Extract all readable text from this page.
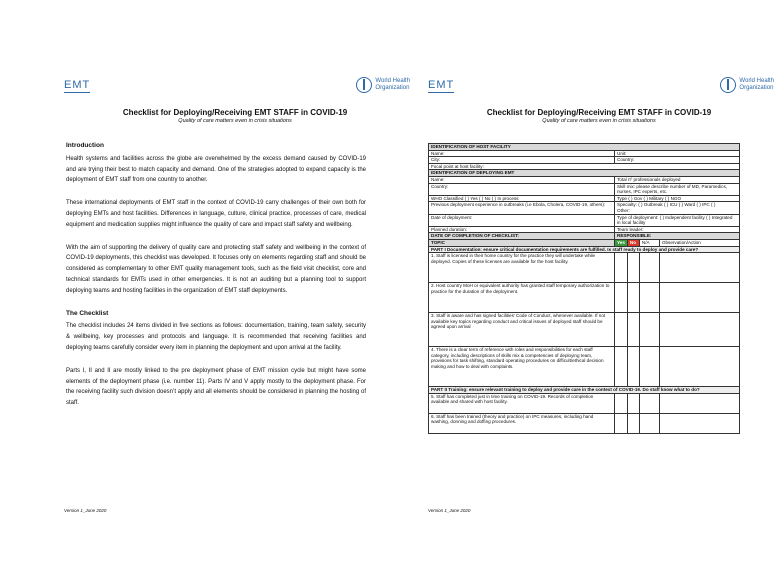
EMT	World Health
Organization
Checklist for Deploying/Receiving EMT STAFF in COVID-19
Quality of care matters even in crisis situations
Introduction

Health systems and facilities across the globe are overwhelmed by the excess demand caused by COVID-19 and are trying their best to match capacity and demand. One of the strategies adopted to expand capacity is the deployment of EMT staff from one country to another.

These international deployments of EMT staff in the context of COVID-19 carry challenges of their own both for deploying EMTs and host facilities. Differences in language, culture, clinical practice, processes of care, medical equipment and medication supplies might influence the quality of care and impact staff safety and wellbeing.

With the aim of supporting the delivery of quality care and protecting staff safety and wellbeing in the context of COVID-19 deployments, this checklist was developed. It focuses only on elements regarding staff and should be considered as complementary to other EMT quality management tools, such as the field visit checklist, core and technical standards for EMTs used in other emergencies. It is not an auditing but a planning tool to support deploying teams and hosting facilities in the organization of EMT staff deployments.

The Checklist

The checklist includes 24 items divided in five sections as follows: documentation, training, team safety, security & wellbeing, key processes and protocols and language. It is recommended that receiving facilities and deploying teams carefully consider every item in planning the deployment and upon arrival at the facility.

Parts I, II and II are mostly linked to the pre deployment phase of EMT mission cycle but might have some elements of the deployment phase (i.e. number 11). Parts IV and V apply mostly to the deployment phase. For the receiving facility such division doesn’t apply and all elements should be considered in planning the hosting of staff.

Version 1_June 2020
EMT	World Health
Organization
Checklist for Deploying/Receiving EMT STAFF in COVID-19
Quality of care matters even in crisis situations
IDENTIFICATION OF HOST FACILITY				
Name:	Unit:			
City:	Country:			
Focal point at host facility:				
IDENTIFICATION OF DEPLOYING EMT				
Name:	Total nº professionals deployed			
Country:	Skill mix: please describe number of MD, Paramedics, nurses, IPC experts, etc.			
WHO Classified ( ) Yes ( ) No ( ) In process	Type ( ) Gov ( ) Military ( ) NGO			
Previous deployment experience in outbreaks (i.e Ebola, Cholera, COVID-19, others):	Specialty: ( ) Outbreak ( ) ICU ( ) Ward ( ) IPC ( )
Other:			
Date of deployment:	Type of deployment: ( ) Independent facility ( ) Integrated in local facility			
Planned duration:	Team leader:			
DATE OF COMPLETION OF CHECKLIST:	RESPONSIBLE:			
TOPIC	Yes	No	N/A	Observation/Action
PART I Documentation: ensure critical documentation requirements are fulfilled. Is staff ready to deploy and provide care?				
1. Staff is licensed in their home country for the practice they will undertake while deployed. Copies of these licenses are available for the host facility.				
2. Host country MoH or equivalent authority has granted staff temporary authorization to practice for the duration of the deployment.				
3. Staff is aware and has signed facilities’ Code of Conduct, whenever available. If not available key topics regarding conduct and critical issues of deployed staff should be agreed upon arrival				
4. There is a clear term of reference with roles and responsibilities for each staff category, including descriptions of skills mix & competencies of deploying team, provisions for task shifting, standard operating procedures on difficult/ethical decision making and how to deal with complaints.				
PART II Training: ensure relevant training to deploy and provide care in the context of COVID-19. Do staff know what to do?				
5. Staff has completed just in time training on COVID-19. Records of completion available and shared with host facility.				
6. Staff has been trained (theory and practice) on IPC measures, including hand washing, donning and doffing procedures.				
Version 1_June 2020
